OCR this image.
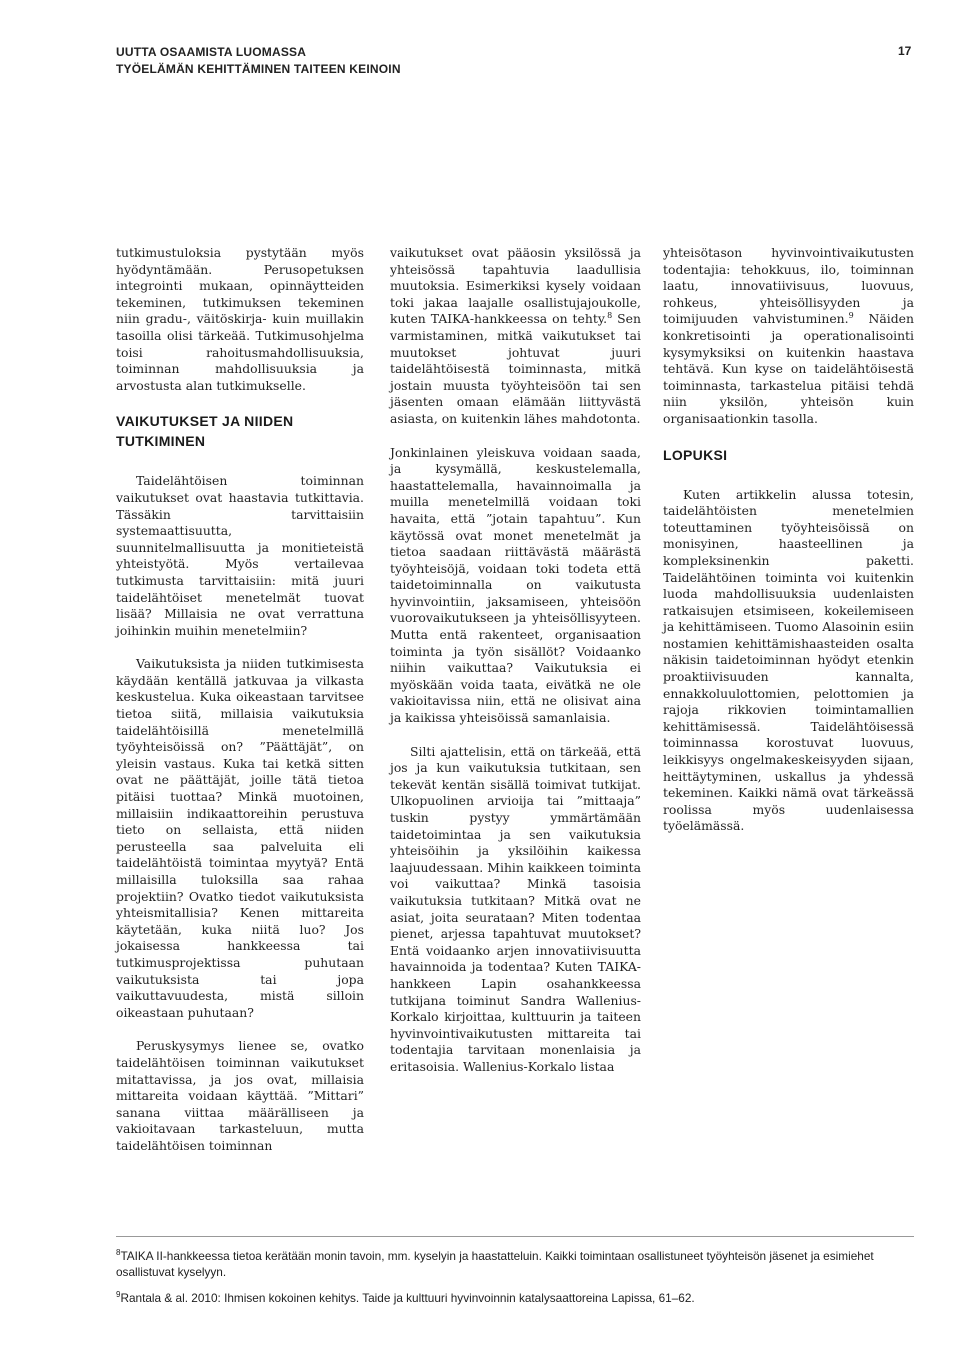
UUTTA OSAAMISTA LUOMASSA
TYÖELÄMÄN KEHITTÄMINEN TAITEEN KEINOIN
17

tutkimustuloksia pystytään myös hyödyntämään. Perusopetuksen integrointi mukaan, opinnäytteiden tekeminen, tutkimuksen tekeminen niin gradu-, väitöskirja- kuin muillakin tasoilla olisi tärkeää. Tutkimusohjelma toisi rahoitusmahdollisuuksia, toiminnan mahdollisuuksia ja arvostusta alan tutkimukselle.

VAIKUTUKSET JA NIIDEN TUTKIMINEN

Taidelähtöisen toiminnan vaikutukset ovat haastavia tutkittavia. Tässäkin tarvittaisiin systemaattisuutta, suunnitelmallisuutta ja monitieteistä yhteistyötä. Myös vertailevaa tutkimusta tarvittaisiin: mitä juuri taidelähtöiset menetelmät tuovat lisää? Millaisia ne ovat verrattuna joihinkin muihin menetelmiin?

Vaikutuksista ja niiden tutkimisesta käydään kentällä jatkuvaa ja vilkasta keskustelua. Kuka oikeastaan tarvitsee tietoa siitä, millaisia vaikutuksia taidelähtöisillä menetelmillä työyhteisöissä on? ”Päättäjät”, on yleisin vastaus. Kuka tai ketkä sitten ovat ne päättäjät, joille tätä tietoa pitäisi tuottaa? Minkä muotoinen, millaisiin indikaattoreihin perustuva tieto on sellaista, että niiden perusteella saa palveluita eli taidelähtöistä toimintaa myytyä? Entä millaisilla tuloksilla saa rahaa projektiin? Ovatko tiedot vaikutuksista yhteismitallisia? Kenen mittareita käytetään, kuka niitä luo? Jos jokaisessa hankkeessa tai tutkimusprojektissa puhutaan vaikutuksista tai jopa vaikuttavuudesta, mistä silloin oikeastaan puhutaan?

Peruskysymys lienee se, ovatko taidelähtöisen toiminnan vaikutukset mitattavissa, ja jos ovat, millaisia mittareita voidaan käyttää. ”Mittari” sanana viittaa määrälliseen ja vakioitavaan tarkasteluun, mutta taidelähtöisen toiminnan

vaikutukset ovat pääosin yksilössä ja yhteisössä tapahtuvia laadullisia muutoksia. Esimerkiksi kysely voidaan toki jakaa laajalle osallistujajoukolle, kuten TAIKA-hankkeessa on tehty.$^8$ Sen varmistaminen, mitkä vaikutukset tai muutokset johtuvat juuri taidelähtöisestä toiminnasta, mitkä jostain muusta työyhteisöön tai sen jäsenten omaan elämään liittyvästä asiasta, on kuitenkin lähes mahdotonta.

Jonkinlainen yleiskuva voidaan saada, ja kysymällä, keskustelemalla, haastattelemalla, havainnoimalla ja muilla menetelmillä voidaan toki havaita, että ”jotain tapahtuu”. Kun käytössä ovat monet menetelmät ja tietoa saadaan riittävästä määrästä työyhteisöjä, voidaan toki todeta että taidetoiminnalla on vaikutusta hyvinvointiin, jaksamiseen, yhteisöön vuorovaikutukseen ja yhteisöllisyyteen. Mutta entä rakenteet, organisaation toiminta ja työn sisällöt? Voidaanko niihin vaikuttaa? Vaikutuksia ei myöskään voida taata, eivätkä ne ole vakioitavissa niin, että ne olisivat aina ja kaikissa yhteisöissä samanlaisia.

Silti ajattelisin, että on tärkeää, että jos ja kun vaikutuksia tutkitaan, sen tekevät kentän sisällä toimivat tutkijat. Ulkopuolinen arvioija tai ”mittaaja” tuskin pystyy ymmärtämään taidetoimintaa ja sen vaikutuksia yhteisöihin ja yksilöihin kaikessa laajuudessaan. Mihin kaikkeen toiminta voi vaikuttaa? Minkä tasoisia vaikutuksia tutkitaan? Mitkä ovat ne asiat, joita seurataan? Miten todentaa pienet, arjessa tapahtuvat muutokset? Entä voidaanko arjen innovatiivisuutta havainnoida ja todentaa? Kuten TAIKA-hankkeen Lapin osahankkeessa tutkijana toiminut Sandra Wallenius-Korkalo kirjoittaa, kulttuurin ja taiteen hyvinvointivaikutusten mittareita tai todentajia tarvitaan monenlaisia ja eritasoisia. Wallenius-Korkalo listaa

yhteisötason hyvinvointivaikutusten todentajia: tehokkuus, ilo, toiminnan laatu, innovatiivisuus, luovuus, rohkeus, yhteisöllisyyden ja toimijuuden vahvistuminen.$^9$ Näiden konkretisointi ja operationalisointi kysymyksiksi on kuitenkin haastava tehtävä. Kun kyse on taidelähtöisestä toiminnasta, tarkastelua pitäisi tehdä niin yksilön, yhteisön kuin organisaationkin tasolla.

LOPUKSI

Kuten artikkelin alussa totesin, taidelähtöisten menetelmien toteuttaminen työyhteisöissä on monisyinen, haasteellinen ja kompleksinenkin paketti. Taidelähtöinen toiminta voi kuitenkin luoda mahdollisuuksia uudenlaisten ratkaisujen etsimiseen, kokeilemiseen ja kehittämiseen. Tuomo Alasoinin esiin nostamien kehittämishaasteiden osalta näkisin taidetoiminnan hyödyt etenkin proaktiivisuuden kannalta, ennakkoluulottomien, pelottomien ja rajoja rikkovien toimintamallien kehittämisessä. Taidelähtöisessä toiminnassa korostuvat luovuus, leikkisyys ongelmakeskeisyyden sijaan, heittäytyminen, uskallus ja yhdessä tekeminen. Kaikki nämä ovat tärkeässä roolissa myös uudenlaisessa työelämässä.

$^8$TAIKA II-hankkeessa tietoa kerätään monin tavoin, mm. kyselyin ja haastatteluin. Kaikki toimintaan osallistuneet työyhteisön jäsenet ja esimiehet osallistuvat kyselyyn.

$^9$Rantala & al. 2010: Ihmisen kokoinen kehitys. Taide ja kulttuuri hyvinvoinnin katalysaattoreina Lapissa, 61–62.
